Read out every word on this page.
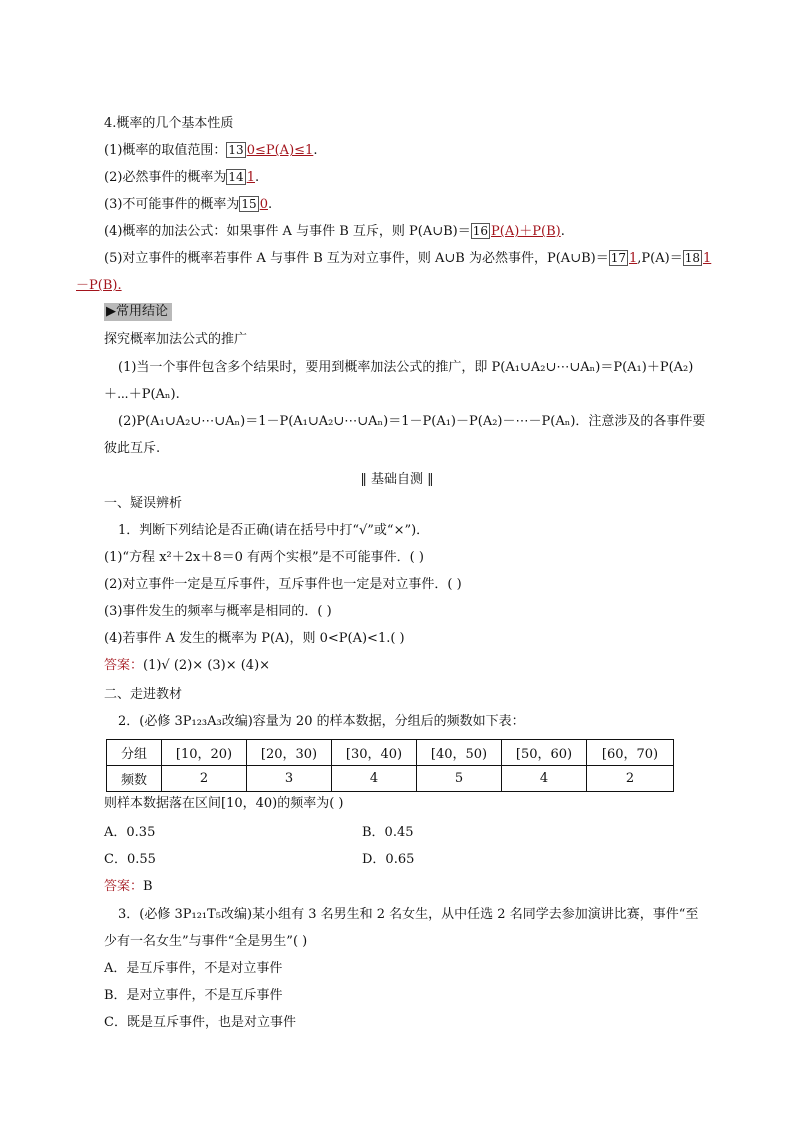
4.概率的几个基本性质
(1)概率的取值范围： 13 0≤P(A)≤1.
(2)必然事件的概率为 14 1.
(3)不可能事件的概率为 15 0.
(4)概率的加法公式：如果事件 A 与事件 B 互斥，则 P(A∪B)＝ 16 P(A)＋P(B).
(5)对立事件的概率若事件 A 与事件 B 互为对立事件，则 A∪B 为必然事件，P(A∪B)＝ 17 1,P(A)＝ 18 1
－P(B).
▶常用结论
探究概率加法公式的推广
(1)当一个事件包含多个结果时，要用到概率加法公式的推广，即 P(A₁∪A₂∪⋯∪Aₙ)＝P(A₁)＋P(A₂)
＋⋯＋P(Aₙ).
(2)P(A₁∪A₂∪⋯∪Aₙ)＝1－P(A₁∪A₂∪⋯∪Aₙ)＝1－P(A₁)－P(A₂)－⋯－P(Aₙ)．注意涉及的各事件要
彼此互斥.
‖ 基础自测 ‖
一、疑误辨析
1．判断下列结论是否正确(请在括号中打“√”或“×”)．
(1)“方程 x²＋2x＋8＝0 有两个实根”是不可能事件．( )
(2)对立事件一定是互斥事件，互斥事件也一定是对立事件．( )
(3)事件发生的频率与概率是相同的．( )
(4)若事件 A 发生的概率为 P(A)，则 0<P(A)<1.( )
答案：(1)√ (2)× (3)× (4)×
二、走进教材
2．(必修 3P₁₂₃A₃改编)容量为 20 的样本数据，分组后的频数如下表：
分组	[10，20)	[20，30)	[30，40)	[40，50)	[50，60)	[60，70)
频数	2	3	4	5	4	2
则样本数据落在区间[10，40)的频率为( )
A．0.35	B．0.45
C．0.55	D．0.65
答案：B
3．(必修 3P₁₂₁T₅改编)某小组有 3 名男生和 2 名女生，从中任选 2 名同学去参加演讲比赛，事件“至
少有一名女生”与事件“全是男生”( )
A．是互斥事件，不是对立事件
B．是对立事件，不是互斥事件
C．既是互斥事件，也是对立事件
